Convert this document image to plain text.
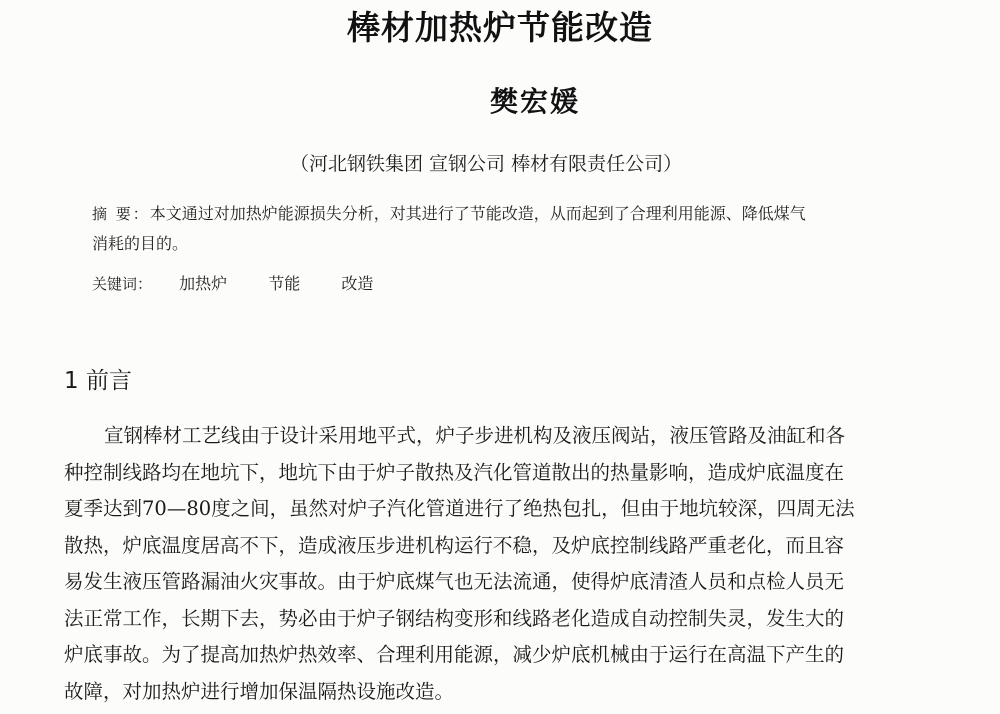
棒材加热炉节能改造
樊宏媛
（河北钢铁集团 宣钢公司 棒材有限责任公司）
摘 要：本文通过对加热炉能源损失分析，对其进行了节能改造，从而起到了合理利用能源、降低煤气
消耗的目的。
关键词： 加热炉	节能	改造
1 前言
宣钢棒材工艺线由于设计采用地平式，炉子步进机构及液压阀站，液压管路及油缸和各
种控制线路均在地坑下，地坑下由于炉子散热及汽化管道散出的热量影响，造成炉底温度在
夏季达到70—80度之间，虽然对炉子汽化管道进行了绝热包扎，但由于地坑较深，四周无法
散热，炉底温度居高不下，造成液压步进机构运行不稳，及炉底控制线路严重老化，而且容
易发生液压管路漏油火灾事故。由于炉底煤气也无法流通，使得炉底清渣人员和点检人员无
法正常工作，长期下去，势必由于炉子钢结构变形和线路老化造成自动控制失灵，发生大的
炉底事故。为了提高加热炉热效率、合理利用能源，减少炉底机械由于运行在高温下产生的
故障，对加热炉进行增加保温隔热设施改造。
